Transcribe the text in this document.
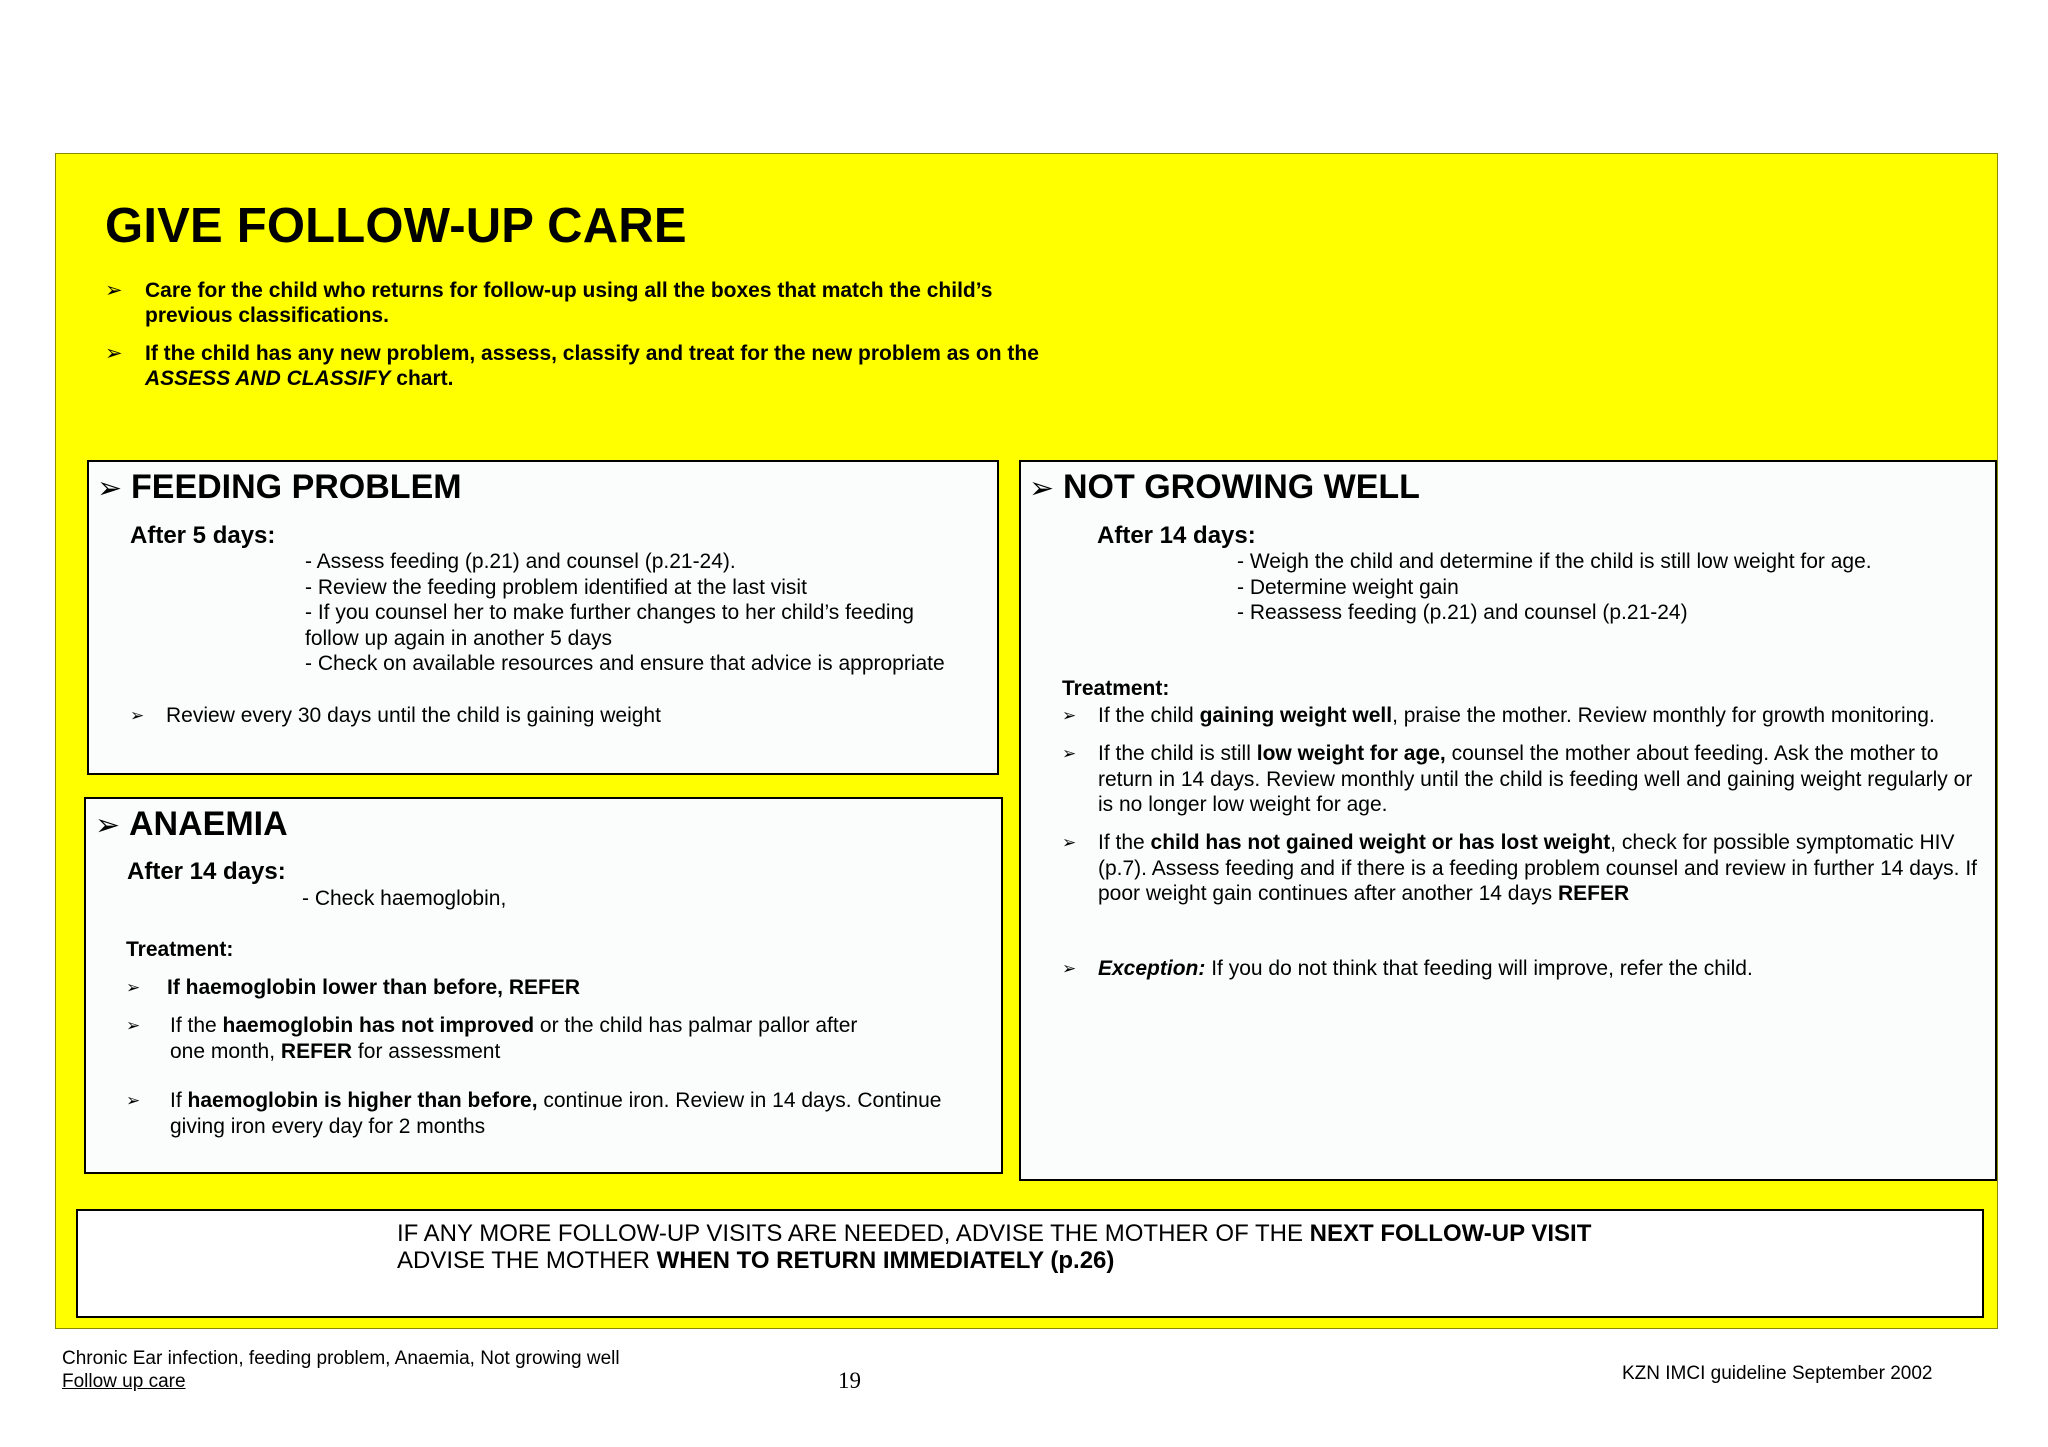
GIVE FOLLOW-UP CARE
➢	Care for the child who returns for follow-up using all the boxes that match the child’s previous classifications.
➢	If the child has any new problem, assess, classify and treat for the new problem as on the ASSESS AND CLASSIFY chart.
➢ FEEDING PROBLEM
After 5 days:
- Assess feeding (p.21) and counsel (p.21-24).
- Review the feeding problem identified at the last visit
- If you counsel her to make further changes to her child’s feeding
follow up again in another 5 days
- Check on available resources and ensure that advice is appropriate
➢	Review every 30 days until the child is gaining weight
➢ ANAEMIA
After 14 days:
- Check haemoglobin,
Treatment:
➢	If haemoglobin lower than before, REFER
➢	If the haemoglobin has not improved or the child has palmar pallor after
one month, REFER for assessment
➢	If haemoglobin is higher than before, continue iron. Review in 14 days. Continue
giving iron every day for 2 months
➢ NOT GROWING WELL
After 14 days:
- Weigh the child and determine if the child is still low weight for age.
- Determine weight gain
- Reassess feeding (p.21) and counsel (p.21-24)
Treatment:
➢	If the child gaining weight well, praise the mother. Review monthly for growth monitoring.
➢	If the child is still low weight for age, counsel the mother about feeding. Ask the mother to return in 14 days. Review monthly until the child is feeding well and gaining weight regularly or is no longer low weight for age.
➢	If the child has not gained weight or has lost weight, check for possible symptomatic HIV (p.7). Assess feeding and if there is a feeding problem counsel and review in further 14 days. If poor weight gain continues after another 14 days REFER
➢	Exception: If you do not think that feeding will improve, refer the child.
IF ANY MORE FOLLOW-UP VISITS ARE NEEDED, ADVISE THE MOTHER OF THE NEXT FOLLOW-UP VISIT
ADVISE THE MOTHER WHEN TO RETURN IMMEDIATELY (p.26)
Chronic Ear infection, feeding problem, Anaemia, Not growing well
Follow up care	19	KZN IMCI guideline September 2002
